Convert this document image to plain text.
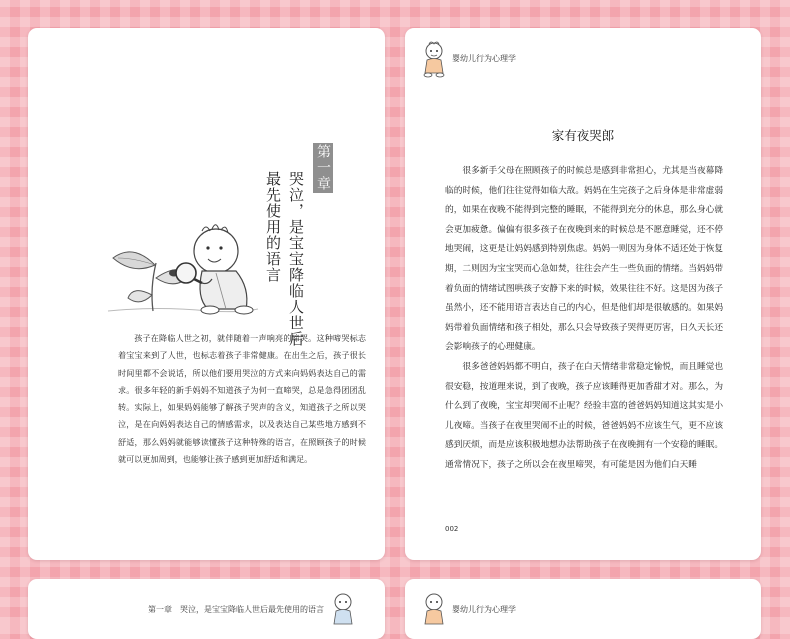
第一章
哭泣，是宝宝降临人世后
最先使用的语言

孩子在降临人世之初，就伴随着一声响亮的啼哭。这种啼哭标志着宝宝来到了人世，也标志着孩子非常健康。在出生之后，孩子很长时间里都不会说话，所以他们要用哭泣的方式来向妈妈表达自己的需求。很多年轻的新手妈妈不知道孩子为何一直啼哭，总是急得团团乱转。实际上，如果妈妈能够了解孩子哭声的含义，知道孩子之所以哭泣，是在向妈妈表达自己的情感需求，以及表达自己某些地方感到不舒适，那么妈妈就能够读懂孩子这种特殊的语言，在照顾孩子的时候就可以更加周到，也能够让孩子感到更加舒适和满足。

婴幼儿行为心理学
家有夜哭郎

很多新手父母在照顾孩子的时候总是感到非常担心，尤其是当夜幕降临的时候，他们往往觉得如临大敌。妈妈在生完孩子之后身体是非常虚弱的，如果在夜晚不能得到完整的睡眠，不能得到充分的休息，那么身心就会更加疲惫。偏偏有很多孩子在夜晚到来的时候总是不愿意睡觉，还不停地哭闹，这更是让妈妈感到特别焦虑。妈妈一则因为身体不适还处于恢复期，二则因为宝宝哭而心急如焚，往往会产生一些负面的情绪。当妈妈带着负面的情绪试图哄孩子安静下来的时候，效果往往不好。这是因为孩子虽然小，还不能用语言表达自己的内心，但是他们却是很敏感的。如果妈妈带着负面情绪和孩子相处，那么只会导致孩子哭得更厉害，日久天长还会影响孩子的心理健康。

很多爸爸妈妈都不明白，孩子在白天情绪非常稳定愉悦，而且睡觉也很安稳，按道理来说，到了夜晚，孩子应该睡得更加香甜才对。那么，为什么到了夜晚，宝宝却哭闹不止呢？经验丰富的爸爸妈妈知道这其实是小儿夜啼。当孩子在夜里哭闹不止的时候，爸爸妈妈不应该生气，更不应该感到厌烦，而是应该积极地想办法帮助孩子在夜晚拥有一个安稳的睡眠。通常情况下，孩子之所以会在夜里啼哭，有可能是因为他们白天睡

002
第一章　哭泣，是宝宝降临人世后最先使用的语言	婴幼儿行为心理学
